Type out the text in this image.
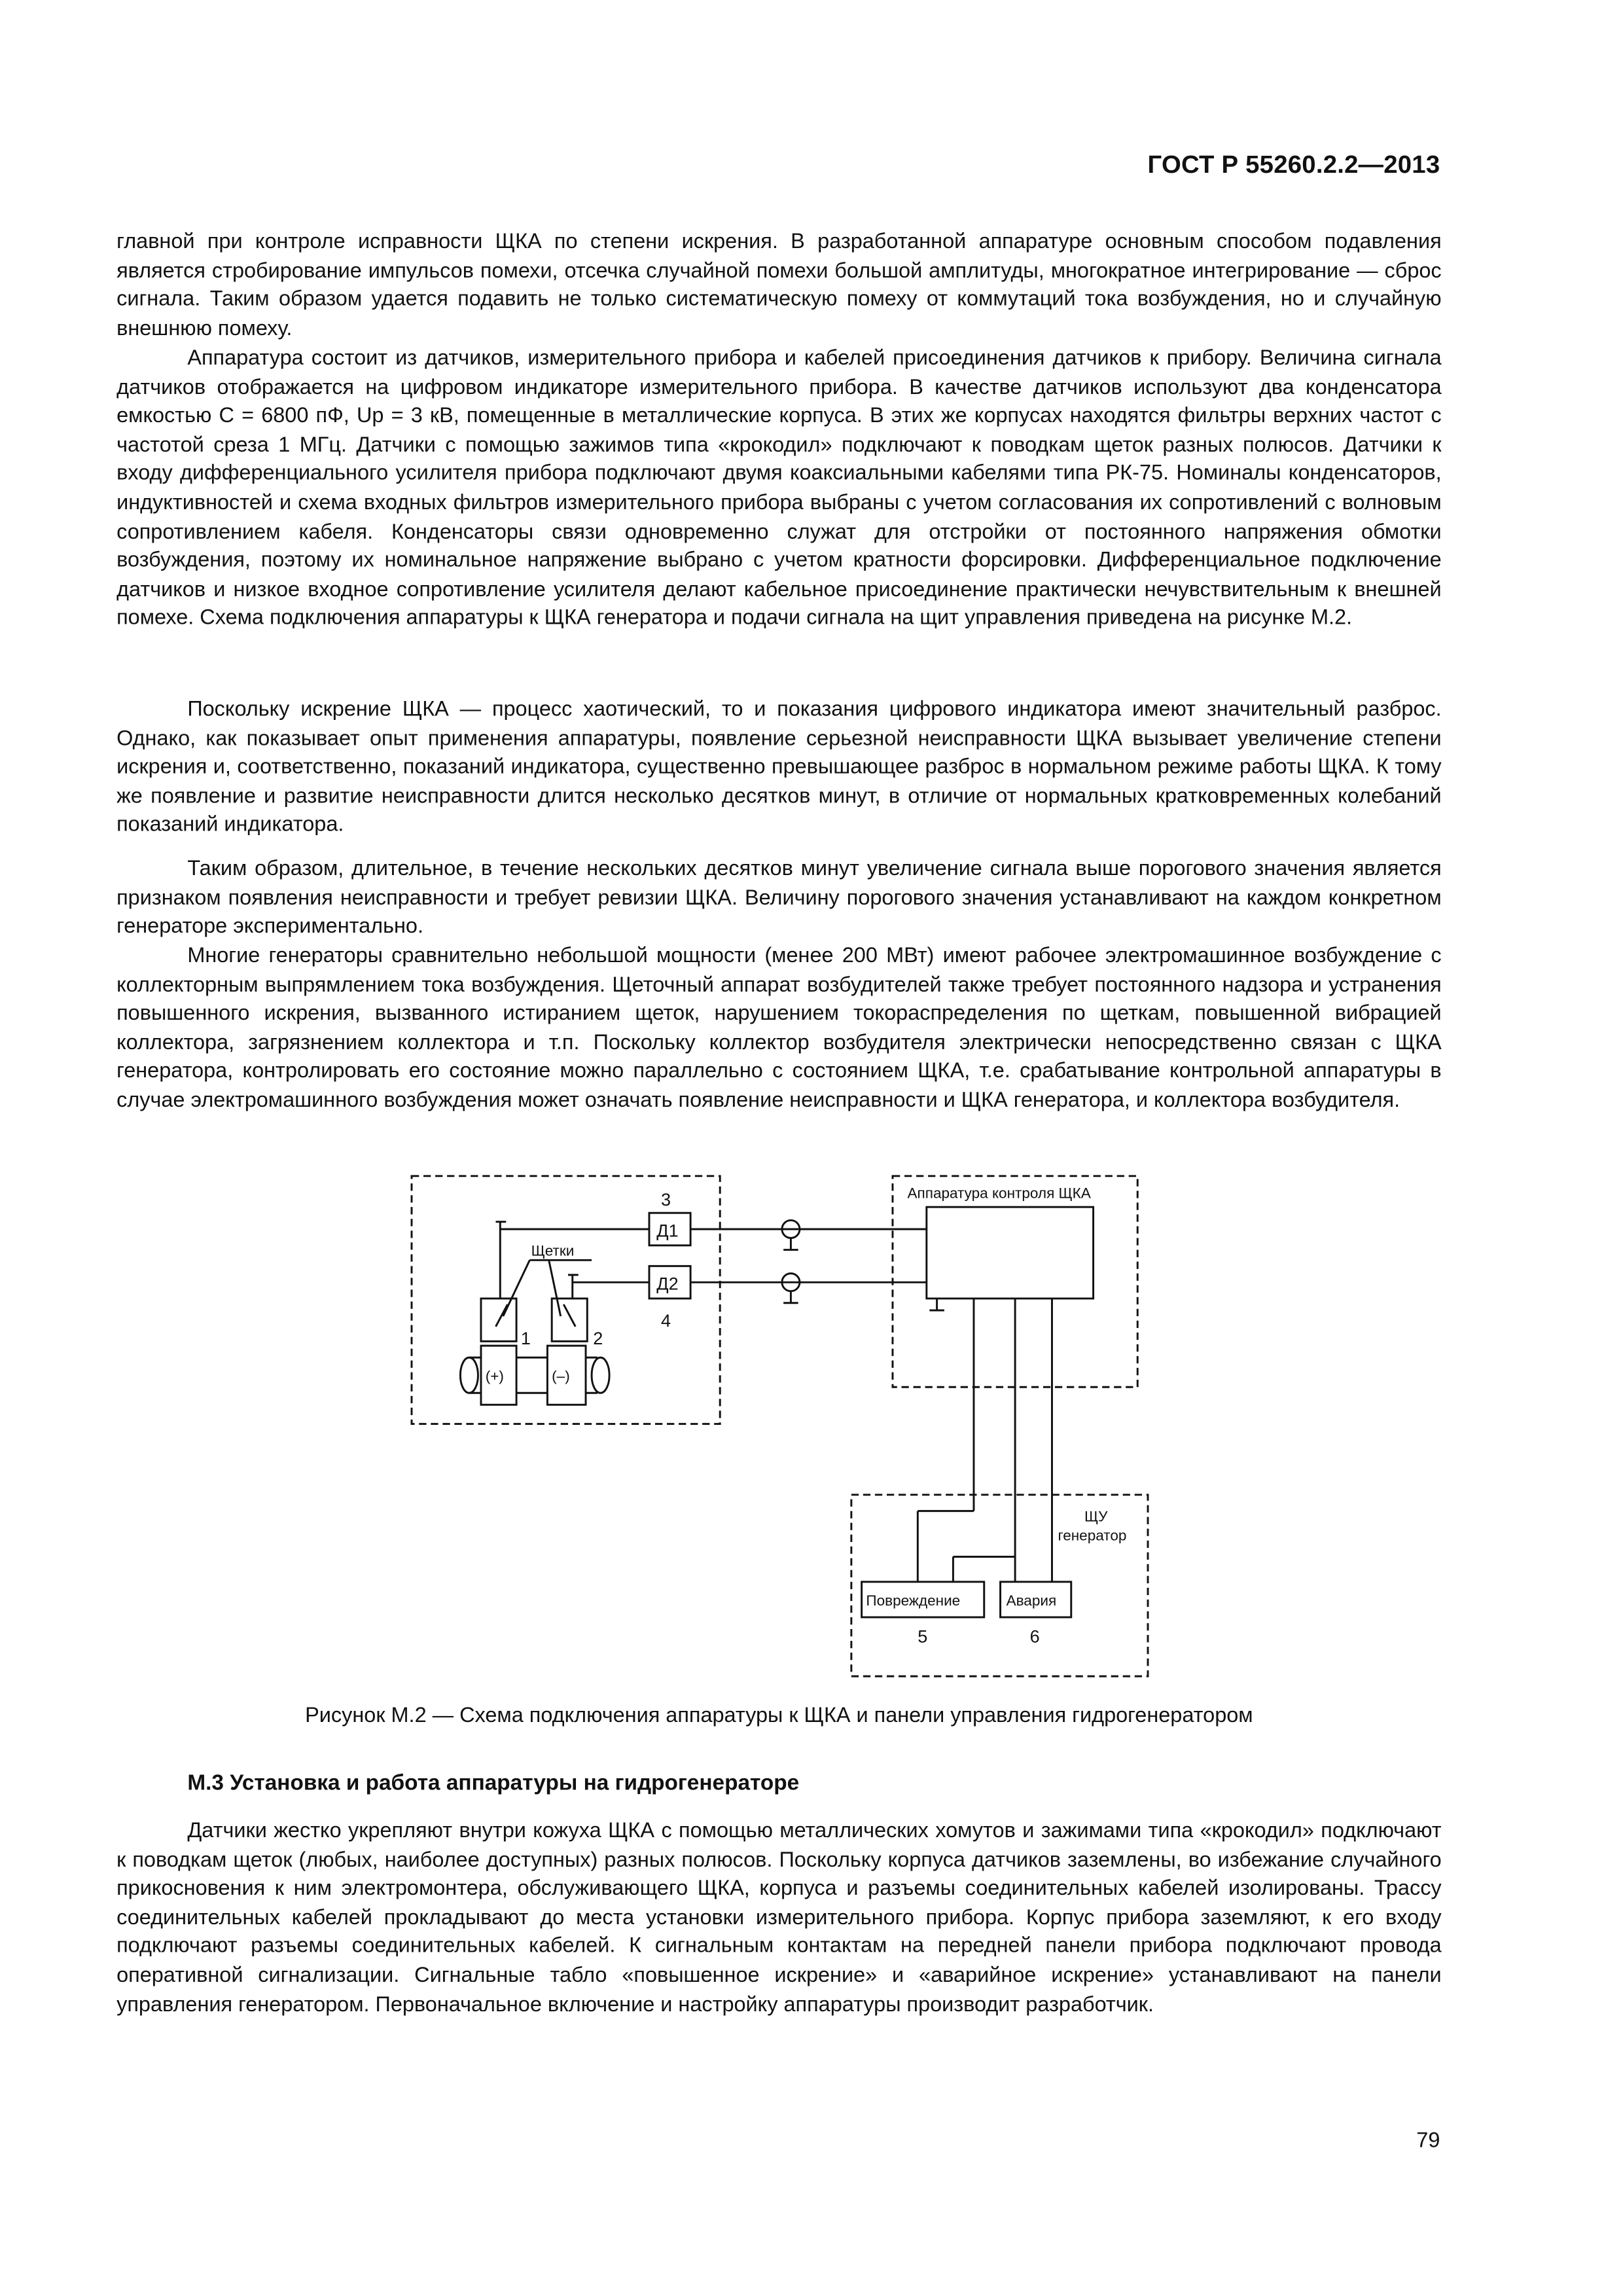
ГОСТ Р 55260.2.2—2013

главной при контроле исправности ЩКА по степени искрения. В разработанной аппаратуре основным способом подавления является стробирование импульсов помехи, отсечка случайной помехи большой амплитуды, многократное интегрирование — сброс сигнала. Таким образом удается подавить не только систематическую помеху от коммутаций тока возбуждения, но и случайную внешнюю помеху.

Аппаратура состоит из датчиков, измерительного прибора и кабелей присоединения датчиков к прибору. Величина сигнала датчиков отображается на цифровом индикаторе измерительного прибора. В качестве датчиков используют два конденсатора емкостью С = 6800 пФ, Uр = 3 кВ, помещенные в металлические корпуса. В этих же корпусах находятся фильтры верхних частот с частотой среза 1 МГц. Датчики с помощью зажимов типа «крокодил» подключают к поводкам щеток разных полюсов. Датчики к входу дифференциального усилителя прибора подключают двумя коаксиальными кабелями типа РК-75. Номиналы конденсаторов, индуктивностей и схема входных фильтров измерительного прибора выбраны с учетом согласования их сопротивлений с волновым сопротивлением кабеля. Конденсаторы связи одновременно служат для отстройки от постоянного напряжения обмотки возбуждения, поэтому их номинальное напряжение выбрано с учетом кратности форсировки. Дифференциальное подключение датчиков и низкое входное сопротивление усилителя делают кабельное присоединение практически нечувствительным к внешней помехе. Схема подключения аппаратуры к ЩКА генератора и подачи сигнала на щит управления приведена на рисунке М.2.

Поскольку искрение ЩКА — процесс хаотический, то и показания цифрового индикатора имеют значительный разброс. Однако, как показывает опыт применения аппаратуры, появление серьезной неисправности ЩКА вызывает увеличение степени искрения и, соответственно, показаний индикатора, существенно превышающее разброс в нормальном режиме работы ЩКА. К тому же появление и развитие неисправности длится несколько десятков минут, в отличие от нормальных кратковременных колебаний показаний индикатора.

Таким образом, длительное, в течение нескольких десятков минут увеличение сигнала выше порогового значения является признаком появления неисправности и требует ревизии ЩКА. Величину порогового значения устанавливают на каждом конкретном генераторе экспериментально.

Многие генераторы сравнительно небольшой мощности (менее 200 МВт) имеют рабочее электромашинное возбуждение с коллекторным выпрямлением тока возбуждения. Щеточный аппарат возбудителей также требует постоянного надзора и устранения повышенного искрения, вызванного истиранием щеток, нарушением токораспределения по щеткам, повышенной вибрацией коллектора, загрязнением коллектора и т.п. Поскольку коллектор возбудителя электрически непосредственно связан с ЩКА генератора, контролировать его состояние можно параллельно с состоянием ЩКА, т.е. срабатывание контрольной аппаратуры в случае электромашинного возбуждения может означать появление неисправности и ЩКА генератора, и коллектора возбудителя.

3
4
1	2
5	6
Д1
Д2
Щетки
(+)	(–)
Аппаратура контроля ЩКА
ЩУ
генератор
Повреждение	Авария
Рисунок М.2 — Схема подключения аппаратуры к ЩКА и панели управления гидрогенератором
М.3 Установка и работа аппаратуры на гидрогенераторе

Датчики жестко укрепляют внутри кожуха ЩКА с помощью металлических хомутов и зажимами типа «крокодил» подключают к поводкам щеток (любых, наиболее доступных) разных полюсов. Поскольку корпуса датчиков заземлены, во избежание случайного прикосновения к ним электромонтера, обслуживающего ЩКА, корпуса и разъемы соединительных кабелей изолированы. Трассу соединительных кабелей прокладывают до места установки измерительного прибора. Корпус прибора заземляют, к его входу подключают разъемы соединительных кабелей. К сигнальным контактам на передней панели прибора подключают провода оперативной сигнализации. Сигнальные табло «повышенное искрение» и «аварийное искрение» устанавливают на панели управления генератором. Первоначальное включение и настройку аппаратуры производит разработчик.

79
